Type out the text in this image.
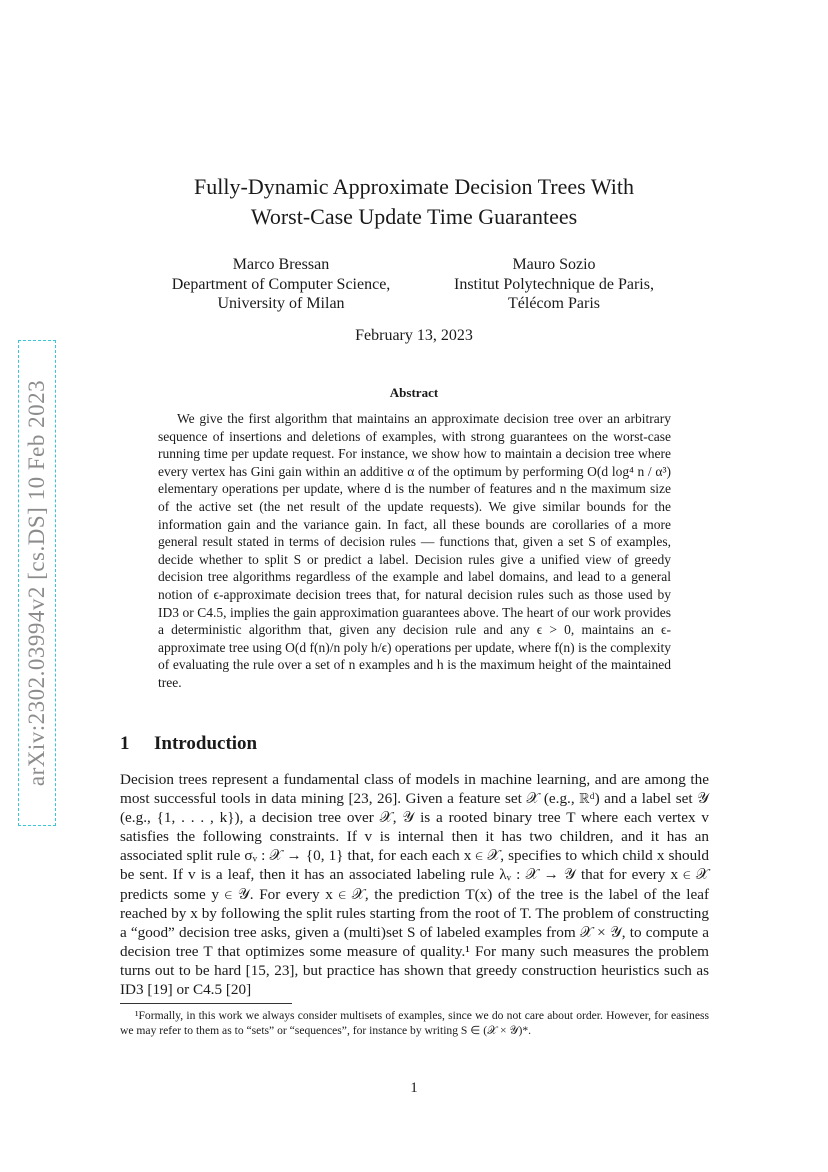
arXiv:2302.03994v2 [cs.DS] 10 Feb 2023
Fully-Dynamic Approximate Decision Trees With
Worst-Case Update Time Guarantees
Marco Bressan
Department of Computer Science,
University of Milan
Mauro Sozio
Institut Polytechnique de Paris,
Télécom Paris
February 13, 2023
Abstract

We give the first algorithm that maintains an approximate decision tree over an arbitrary sequence of insertions and deletions of examples, with strong guarantees on the worst-case running time per update request. For instance, we show how to maintain a decision tree where every vertex has Gini gain within an additive α of the optimum by performing O(d log⁴ n / α³) elementary operations per update, where d is the number of features and n the maximum size of the active set (the net result of the update requests). We give similar bounds for the information gain and the variance gain. In fact, all these bounds are corollaries of a more general result stated in terms of decision rules — functions that, given a set S of examples, decide whether to split S or predict a label. Decision rules give a unified view of greedy decision tree algorithms regardless of the example and label domains, and lead to a general notion of ϵ-approximate decision trees that, for natural decision rules such as those used by ID3 or C4.5, implies the gain approximation guarantees above. The heart of our work provides a deterministic algorithm that, given any decision rule and any ϵ > 0, maintains an ϵ-approximate tree using O(d f(n)/n poly h/ϵ) operations per update, where f(n) is the complexity of evaluating the rule over a set of n examples and h is the maximum height of the maintained tree.

1 Introduction

Decision trees represent a fundamental class of models in machine learning, and are among the most successful tools in data mining [23, 26]. Given a feature set 𝒳 (e.g., ℝᵈ) and a label set 𝒴 (e.g., {1, . . . , k}), a decision tree over 𝒳, 𝒴 is a rooted binary tree T where each vertex v satisfies the following constraints. If v is internal then it has two children, and it has an associated split rule σᵥ : 𝒳 → {0, 1} that, for each each x ∈ 𝒳, specifies to which child x should be sent. If v is a leaf, then it has an associated labeling rule λᵥ : 𝒳 → 𝒴 that for every x ∈ 𝒳 predicts some y ∈ 𝒴. For every x ∈ 𝒳, the prediction T(x) of the tree is the label of the leaf reached by x by following the split rules starting from the root of T. The problem of constructing a “good” decision tree asks, given a (multi)set S of labeled examples from 𝒳 × 𝒴, to compute a decision tree T that optimizes some measure of quality.¹ For many such measures the problem turns out to be hard [15, 23], but practice has shown that greedy construction heuristics such as ID3 [19] or C4.5 [20]

¹Formally, in this work we always consider multisets of examples, since we do not care about order. However, for easiness we may refer to them as to “sets” or “sequences”, for instance by writing S ∈ (𝒳 × 𝒴)*.

1
